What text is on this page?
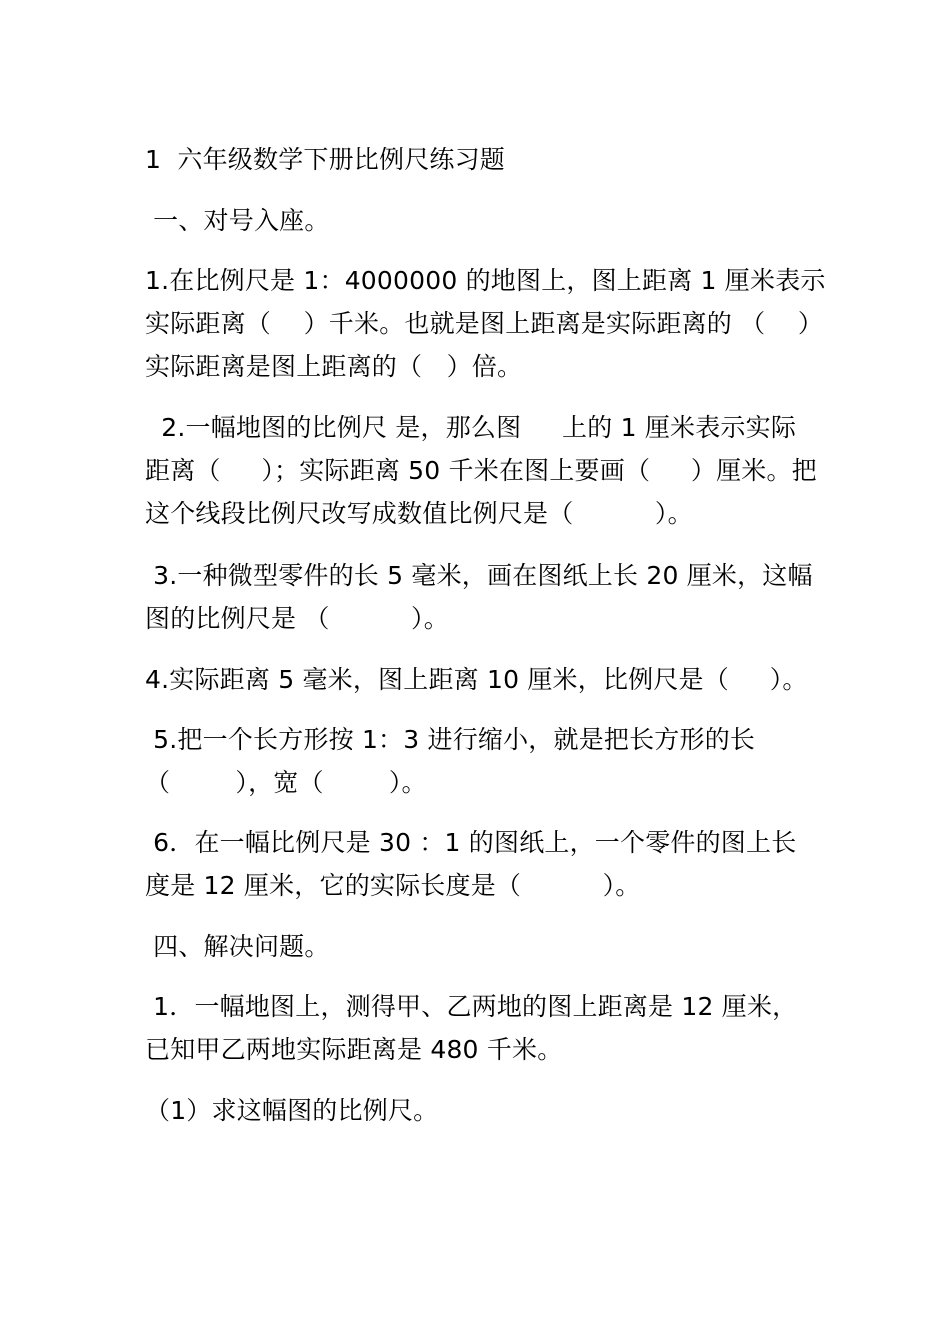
1  六年级数学下册比例尺练习题

一、对号入座。

1.在比例尺是 1：4000000 的地图上，图上距离 1 厘米表示

实际距离（    ）千米。也就是图上距离是实际距离的 （    ）

实际距离是图上距离的（   ）倍。

2.一幅地图的比例尺 是，那么图     上的 1 厘米表示实际

距离（     ）；实际距离 50 千米在图上要画（     ）厘米。把

这个线段比例尺改写成数值比例尺是（          ）。

3.一种微型零件的长 5 毫米，画在图纸上长 20 厘米，这幅

图的比例尺是 （          ）。

4.实际距离 5 毫米，图上距离 10 厘米，比例尺是（     ）。

5.把一个长方形按 1：3 进行缩小，就是把长方形的长

（        ），宽（        ）。

6．在一幅比例尺是 30 ：1 的图纸上，一个零件的图上长

度是 12 厘米，它的实际长度是（          ）。

四、解决问题。

1．一幅地图上，测得甲、乙两地的图上距离是 12 厘米，

已知甲乙两地实际距离是 480 千米。

（1）求这幅图的比例尺。
